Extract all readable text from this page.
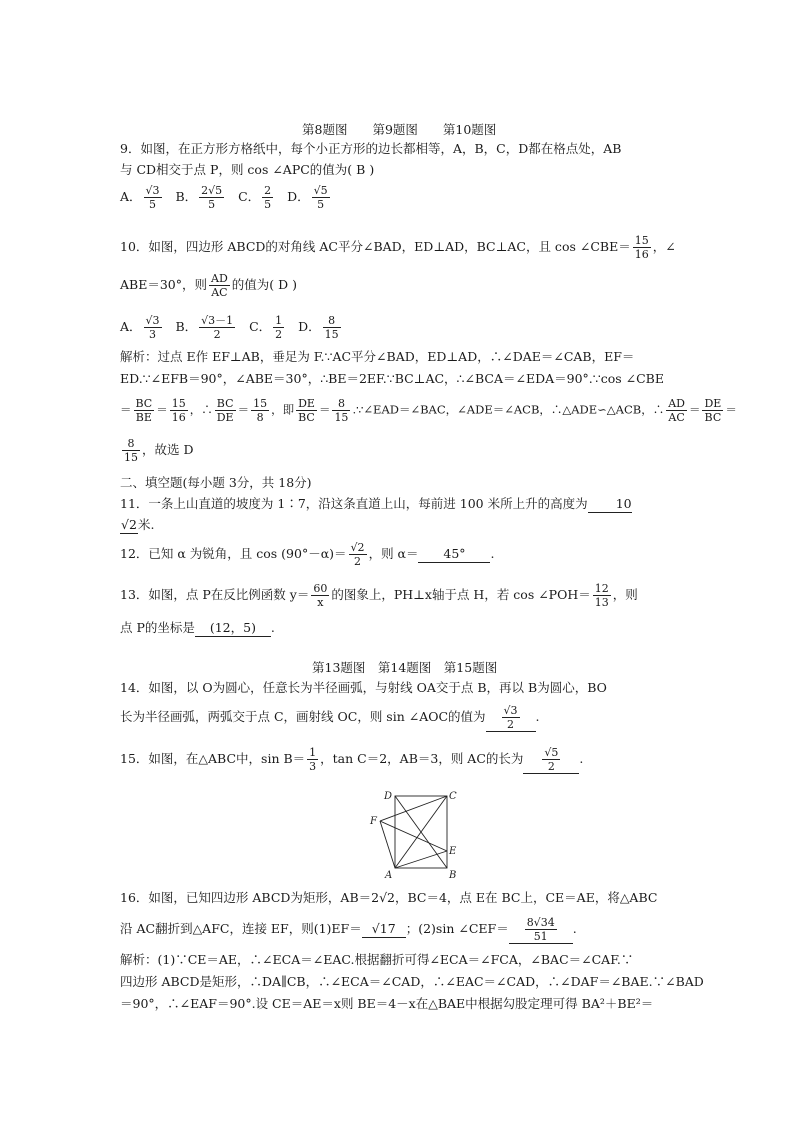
第8题图　　第9题图　　第10题图
9．如图，在正方形方格纸中，每个小正方形的边长都相等，A，B，C，D都在格点处，AB
与 CD相交于点 P，则 cos ∠APC的值为( B )
A． $\frac{√3}{5}$ B． $\frac{2√5}{5}$ C． $\frac{2}{5}$ D． $\frac{√5}{5}$
10．如图，四边形 ABCD的对角线 AC平分∠BAD，ED⊥AD，BC⊥AC，且 cos ∠CBE＝ $\frac{15}{16}$ ，∠
ABE＝30°，则 $\frac{AD}{AC}$ 的值为( D )
A． $\frac{√3}{3}$ B． $\frac{√3-1}{2}$ C． $\frac{1}{2}$ D． $\frac{8}{15}$
解析：过点 E作 EF⊥AB，垂足为 F.∵AC平分∠BAD，ED⊥AD，∴∠DAE＝∠CAB，EF＝
ED.∵∠EFB＝90°，∠ABE＝30°，∴BE＝2EF.∵BC⊥AC，∴∠BCA＝∠EDA＝90°.∵cos ∠CBE
＝ $\frac{BC}{BE} = \frac{15}{16}$ ，∴ $\frac{BC}{DE} = \frac{15}{8}$ ，即 $\frac{DE}{BC} = \frac{8}{15}$ .∵∠EAD＝∠BAC，∠ADE＝∠ACB，∴△ADE∽△ACB，∴ $\frac{AD}{AC} = \frac{DE}{BC}$ ＝
$\frac{8}{15}$ ，故选 D
二、填空题(每小题 3分，共 18分)
11．一条上山直道的坡度为 1∶7，沿这条直道上山，每前进 100 米所上升的高度为 10
√2米.
12．已知 α 为锐角，且 $\cos (90^\circ-\alpha)= \frac{√2}{2}$ ，则 α＝ 45° .
13．如图，点 P在反比例函数 $y= \frac{60}{x}$ 的图象上，PH⊥x轴于点 H，若 cos ∠POH＝ $\frac{12}{13}$ ，则
点 P的坐标是 (12，5) .
第13题图　第14题图　第15题图
14．如图，以 O为圆心，任意长为半径画弧，与射线 OA交于点 B，再以 B为圆心，BO
长为半径画弧，两弧交于点 C，画射线 OC，则 sin ∠AOC的值为 $\frac{√3}{2}$ .
15．如图，在△ABC中，$\sin B= \frac{1}{3}$ ，tan C＝2，AB＝3，则 AC的长为 $\frac{√5}{2}$ .
D	C
F
E
A	B
16．如图，已知四边形 ABCD为矩形，AB＝2√2，BC＝4，点 E在 BC上，CE＝AE，将△ABC
沿 AC翻折到△AFC，连接 EF，则(1)EF＝ √17 ；(2)sin ∠CEF＝ $\frac{8√34}{51}$ .
解析：(1)∵CE＝AE，∴∠ECA＝∠EAC.根据翻折可得∠ECA＝∠FCA，∠BAC＝∠CAF.∵
四边形 ABCD是矩形，∴DA∥CB，∴∠ECA＝∠CAD，∴∠EAC＝∠CAD，∴∠DAF＝∠BAE.∵∠BAD
＝90°，∴∠EAF＝90°.设 CE＝AE＝x则 BE＝4－x在△BAE中根据勾股定理可得 BA²＋BE²＝
